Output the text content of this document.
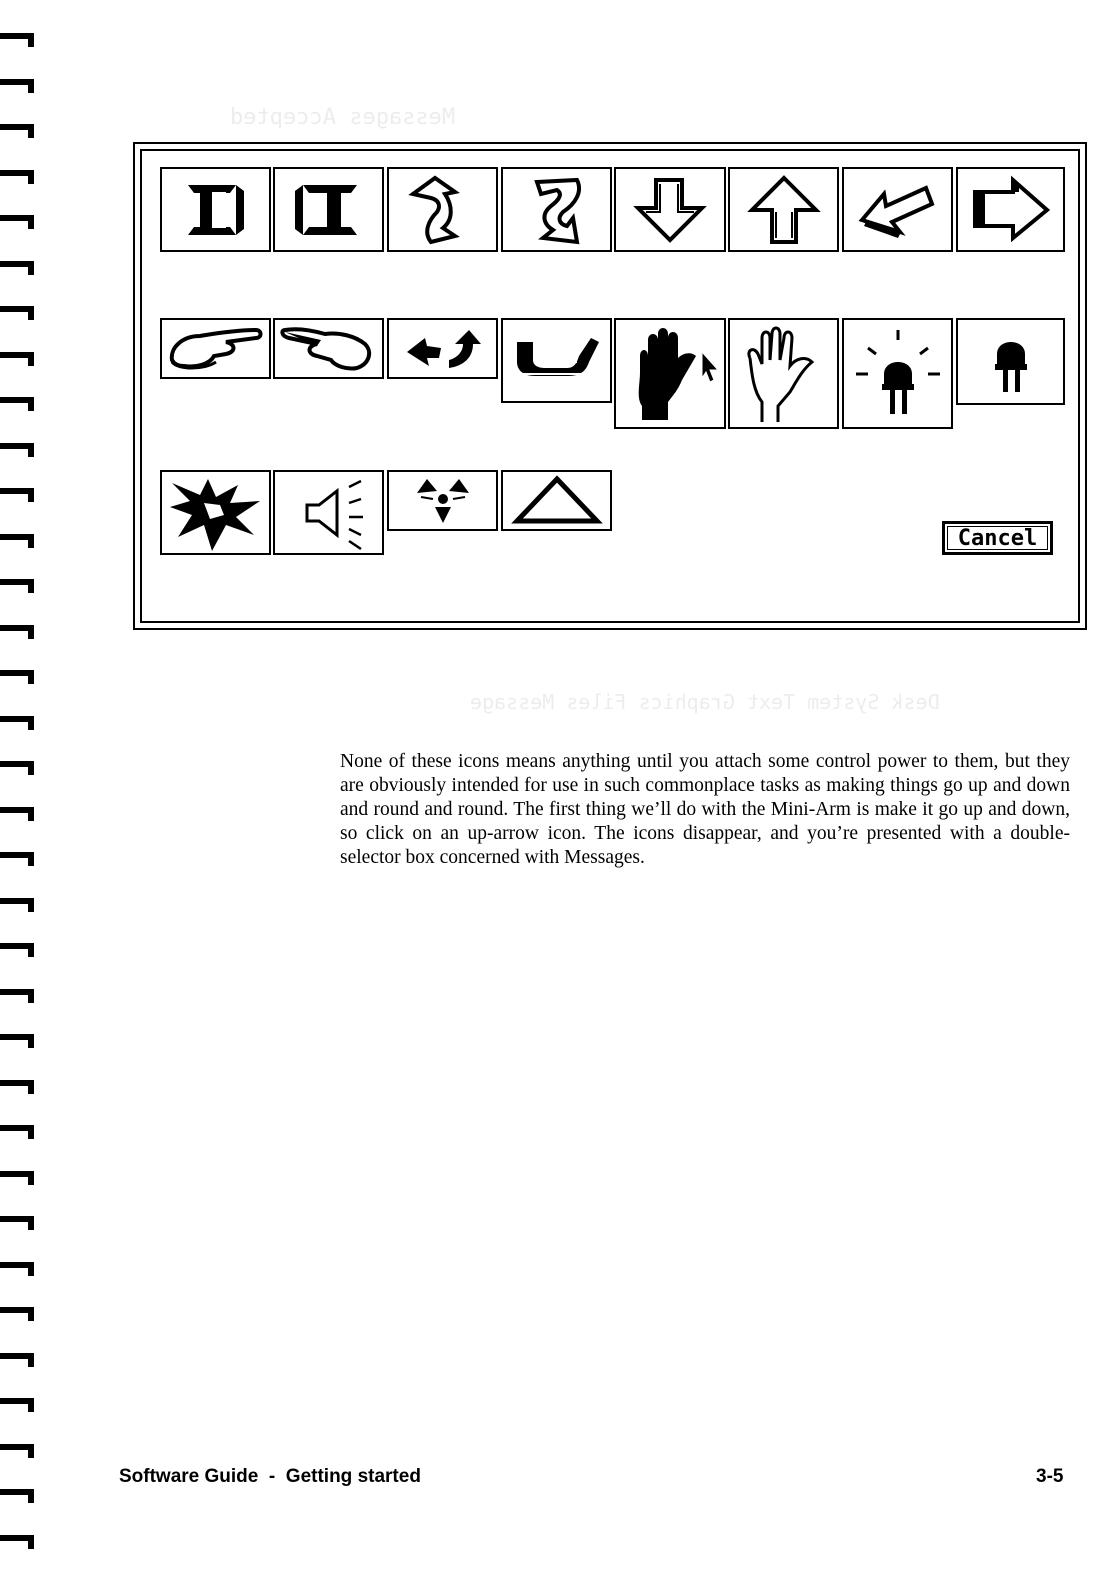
Messages Accepted
Desk System Text Graphics Files Message
Cancel
None of these icons means anything until you attach some control power to them, but they are obviously intended for use in such commonplace tasks as making things go up and down and round and round. The first thing we’ll do with the Mini-Arm is make it go up and down, so click on an up-arrow icon. The icons disappear, and you’re presented with a double-selector box concerned with Messages.
Software Guide  -  Getting started	3-5
